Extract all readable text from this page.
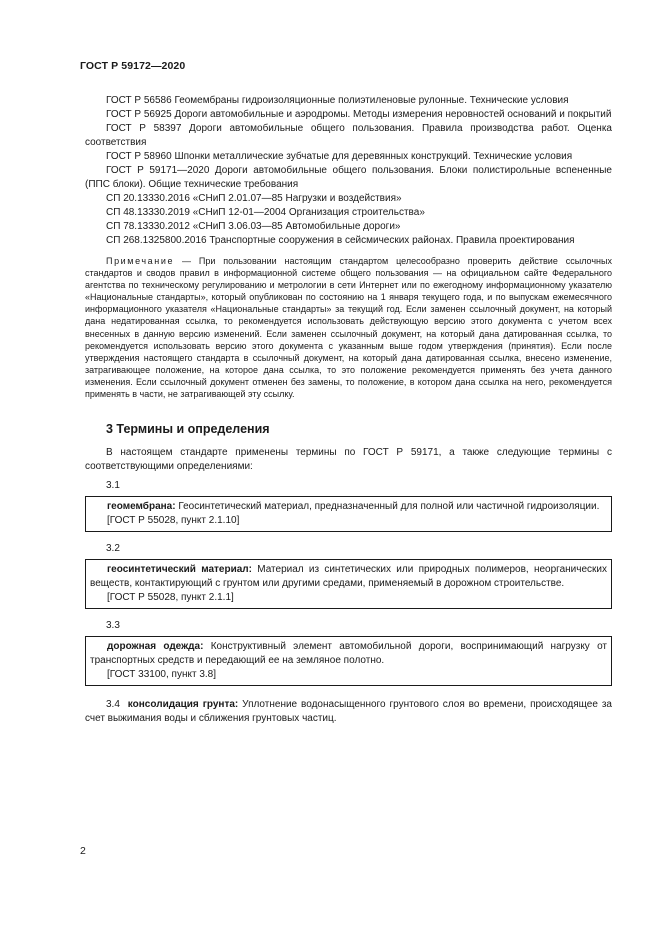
ГОСТ Р 59172—2020

ГОСТ Р 56586 Геомембраны гидроизоляционные полиэтиленовые рулонные. Технические условия

ГОСТ Р 56925 Дороги автомобильные и аэродромы. Методы измерения неровностей оснований и покрытий

ГОСТ Р 58397 Дороги автомобильные общего пользования. Правила производства работ. Оценка соответствия

ГОСТ Р 58960 Шпонки металлические зубчатые для деревянных конструкций. Технические условия

ГОСТ Р 59171—2020 Дороги автомобильные общего пользования. Блоки полистирольные вспененные (ППС блоки). Общие технические требования

СП 20.13330.2016 «СНиП 2.01.07—85 Нагрузки и воздействия»

СП 48.13330.2019 «СНиП 12-01—2004 Организация строительства»

СП 78.13330.2012 «СНиП 3.06.03—85 Автомобильные дороги»

СП 268.1325800.2016 Транспортные сооружения в сейсмических районах. Правила проектирования

Примечание — При пользовании настоящим стандартом целесообразно проверить действие ссылочных стандартов и сводов правил в информационной системе общего пользования — на официальном сайте Федерального агентства по техническому регулированию и метрологии в сети Интернет или по ежегодному информационному указателю «Национальные стандарты», который опубликован по состоянию на 1 января текущего года, и по выпускам ежемесячного информационного указателя «Национальные стандарты» за текущий год. Если заменен ссылочный документ, на который дана недатированная ссылка, то рекомендуется использовать действующую версию этого документа с учетом всех внесенных в данную версию изменений. Если заменен ссылочный документ, на который дана датированная ссылка, то рекомендуется использовать версию этого документа с указанным выше годом утверждения (принятия). Если после утверждения настоящего стандарта в ссылочный документ, на который дана датированная ссылка, внесено изменение, затрагивающее положение, на которое дана ссылка, то это положение рекомендуется применять без учета данного изменения. Если ссылочный документ отменен без замены, то положение, в котором дана ссылка на него, рекомендуется применять в части, не затрагивающей эту ссылку.
3 Термины и определения

В настоящем стандарте применены термины по ГОСТ Р 59171, а также следующие термины с соответствующими определениями:

3.1

геомембрана: Геосинтетический материал, предназначенный для полной или частичной гидроизоляции.

[ГОСТ Р 55028, пункт 2.1.10]

3.2

геосинтетический материал: Материал из синтетических или природных полимеров, неорганических веществ, контактирующий с грунтом или другими средами, применяемый в дорожном строительстве.

[ГОСТ Р 55028, пункт 2.1.1]

3.3

дорожная одежда: Конструктивный элемент автомобильной дороги, воспринимающий нагрузку от транспортных средств и передающий ее на земляное полотно.

[ГОСТ 33100, пункт 3.8]

3.4 консолидация грунта: Уплотнение водонасыщенного грунтового слоя во времени, происходящее за счет выжимания воды и сближения грунтовых частиц.

2
